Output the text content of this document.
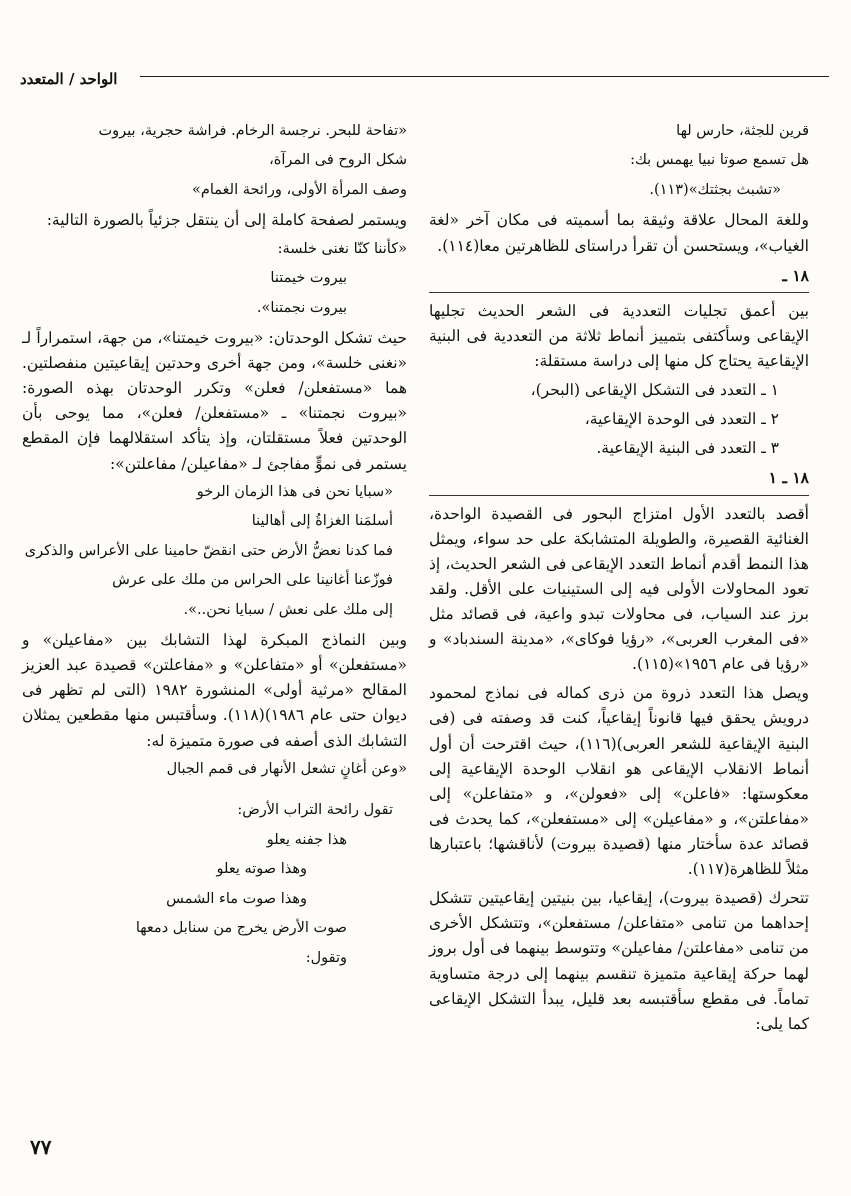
الواحد / المتعدد
قرين للجثة، حارس لها
هل تسمع صوتا نبيا يهمس بك:
«تشبث بجثتك»(١١٣).

وللغة المحال علاقة وثيقة بما أسميته فى مكان آخر «لغة الغياب»، ويستحسن أن تقرأ دراستاى للظاهرتين معا(١١٤).

١٨ ـ

بين أعمق تجليات التعددية فى الشعر الحديث تجليها الإيقاعى وسأكتفى بتمييز أنماط ثلاثة من التعددية فى البنية الإيقاعية يحتاج كل منها إلى دراسة مستقلة:

١ ـ التعدد فى التشكل الإيقاعى (البحر)،
٢ ـ التعدد فى الوحدة الإيقاعية،
٣ ـ التعدد فى البنية الإيقاعية.
١٨ ـ ١

أقصد بالتعدد الأول امتزاج البحور فى القصيدة الواحدة، الغنائية القصيرة، والطويلة المتشابكة على حد سواء، ويمثل هذا النمط أقدم أنماط التعدد الإيقاعى فى الشعر الحديث، إذ تعود المحاولات الأولى فيه إلى الستينيات على الأقل. ولقد برز عند السياب، فى محاولات تبدو واعية، فى قصائد مثل «فى المغرب العربى»، «رؤيا فوكاى»، «مدينة السندباد» و «رؤيا فى عام ١٩٥٦»(١١٥).

ويصل هذا التعدد ذروة من ذرى كماله فى نماذج لمحمود درويش يحقق فيها قانوناً إيقاعياً، كنت قد وصفته فى (فى البنية الإيقاعية للشعر العربى)(١١٦)، حيث اقترحت أن أول أنماط الانقلاب الإيقاعى هو انقلاب الوحدة الإيقاعية إلى معكوستها: «فاعلن» إلى «فعولن»، و «متفاعلن» إلى «مفاعلتن»، و «مفاعيلن» إلى «مستفعلن»، كما يحدث فى قصائد عدة سأختار منها (قصيدة بيروت) لأناقشها؛ باعتبارها مثلاً للظاهرة(١١٧).

تتحرك (قصيدة بيروت)، إيقاعيا، بين بنيتين إيقاعيتين تتشكل إحداهما من تنامى «متفاعلن/ مستفعلن»، وتتشكل الأخرى من تنامى «مفاعلتن/ مفاعيلن» وتتوسط بينهما فى أول بروز لهما حركة إيقاعية متميزة تنقسم بينهما إلى درجة متساوية تماماً. فى مقطع سأقتبسه بعد قليل، يبدأ التشكل الإيقاعى كما يلى:

«تفاحة للبحر. نرجسة الرخام. فراشة حجرية، بيروت
شكل الروح فى المرآة،
وصف المرأة الأولى، ورائحة الغمام»

ويستمر لصفحة كاملة إلى أن ينتقل جزئياً بالصورة التالية:

«كأننا كنّا نغنى خلسة:
بيروت خيمتنا
بيروت نجمتنا».

حيث تشكل الوحدتان: «بيروت خيمتنا»، من جهة، استمراراً لـ «نغنى خلسة»، ومن جهة أخرى وحدتين إيقاعيتين منفصلتين. هما «مستفعلن/ فعلن» وتكرر الوحدتان بهذه الصورة: «بيروت نجمتنا» ـ «مستفعلن/ فعلن»، مما يوحى بأن الوحدتين فعلاً مستقلتان، وإذ يتأكد استقلالهما فإن المقطع يستمر فى نموٍّ مفاجئ لـ «مفاعيلن/ مفاعلتن»:

«سبايا نحن فى هذا الزمان الرخو
أسلمَنا الغزاةُ إلى أهالينا
فما كدنا نعضُّ الأرض حتى انقضّ حامينا على الأعراس والذكرى
فوزّعنا أغانينا على الحراس من ملك على عرش
إلى ملك على نعش / سبايا نحن..».

وبين النماذج المبكرة لهذا التشابك بين «مفاعيلن» و «مستفعلن» أو «متفاعلن» و «مفاعلتن» قصيدة عبد العزيز المقالح «مرثية أولى» المنشورة ١٩٨٢ (التى لم تظهر فى ديوان حتى عام ١٩٨٦)(١١٨). وسأقتبس منها مقطعين يمثلان التشابك الذى أصفه فى صورة متميزة له:

«وعن أغانٍ تشعل الأنهار فى قمم الجبال
تقول رائحة التراب الأرض:
هذا جفنه يعلو
وهذا صوته يعلو
وهذا صوت ماء الشمس
صوت الأرض يخرج من سنابل دمعها
وتقول:
٧٧
